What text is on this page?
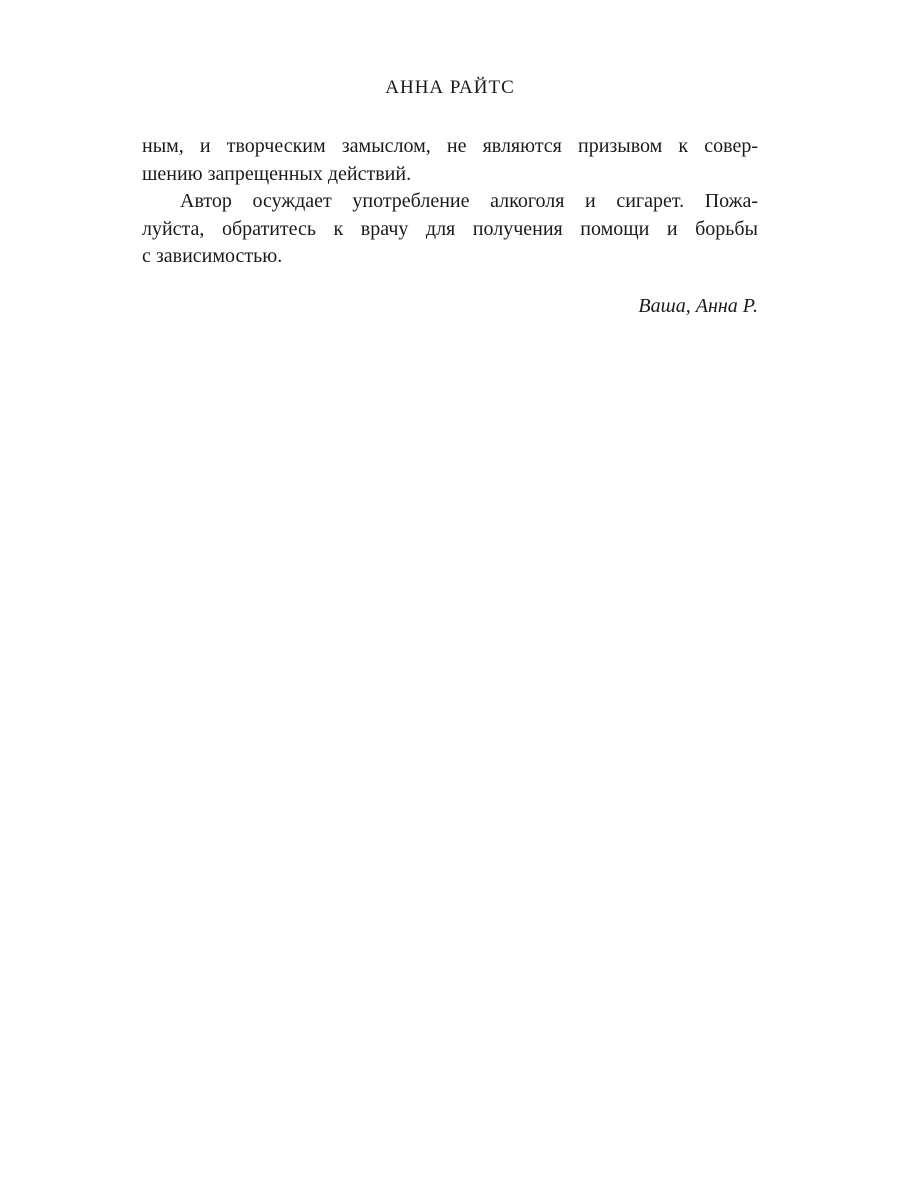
АННА РАЙТС
ным, и творческим замыслом, не являются призывом к совер-
шению запрещенных действий.
Автор осуждает употребление алкоголя и сигарет. Пожа-
луйста, обратитесь к врачу для получения помощи и борьбы
с зависимостью.
Ваша, Анна Р.
